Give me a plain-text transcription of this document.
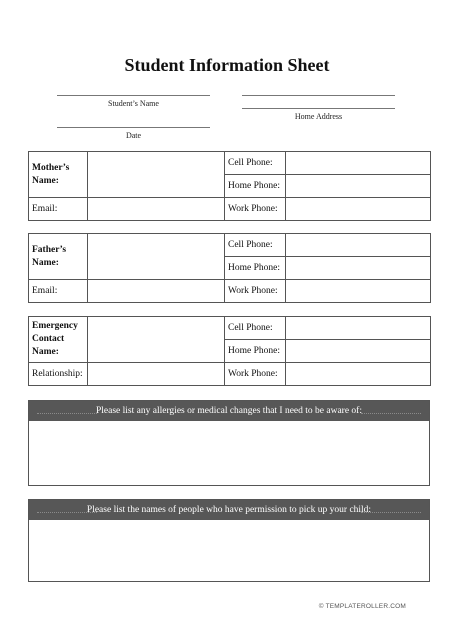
Student Information Sheet
Student’s Name
Home Address
Date
Mother’s Name:		Cell Phone:	
		Home Phone:	
Email:		Work Phone:	
Father’s Name:		Cell Phone:	
		Home Phone:	
Email:		Work Phone:	
Emergency Contact Name:		Cell Phone:	
		Home Phone:	
Relationship:		Work Phone:	
Please list any allergies or medical changes that I need to be aware of:
Please list the names of people who have permission to pick up your child:
© TEMPLATEROLLER.COM
